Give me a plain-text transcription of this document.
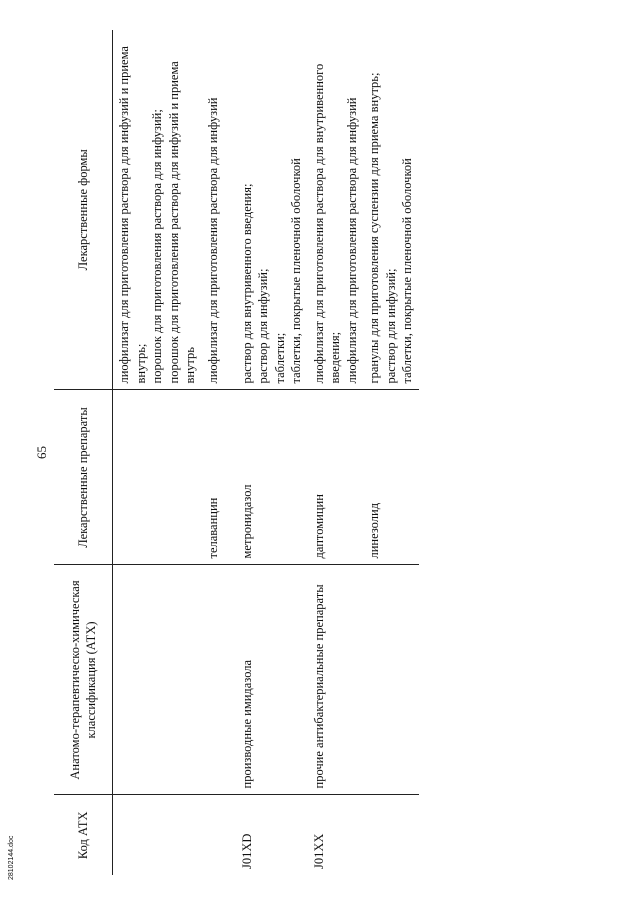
65
Код АТХ	Анатомо-терапевтическо-химическая классификация (АТХ)	Лекарственные препараты	Лекарственные формы

			лиофилизат для приготовления раствора для инфузий и приема внутрь; порошок для приготовления раствора для инфузий; порошок для приготовления раствора для инфузий и приема внутрь

		телаванцин	лиофилизат для приготовления раствора для инфузий

J01XD	производные имидазола	метронидазол	раствор для внутривенного введения; раствор для инфузий; таблетки; таблетки, покрытые пленочной оболочкой

J01XX	прочие антибактериальные препараты	даптомицин	лиофилизат для приготовления раствора для внутривенного введения; лиофилизат для приготовления раствора для инфузий

		линезолид	гранулы для приготовления суспензии для приема внутрь; раствор для инфузий; таблетки, покрытые пленочной оболочкой
28102144.doc
